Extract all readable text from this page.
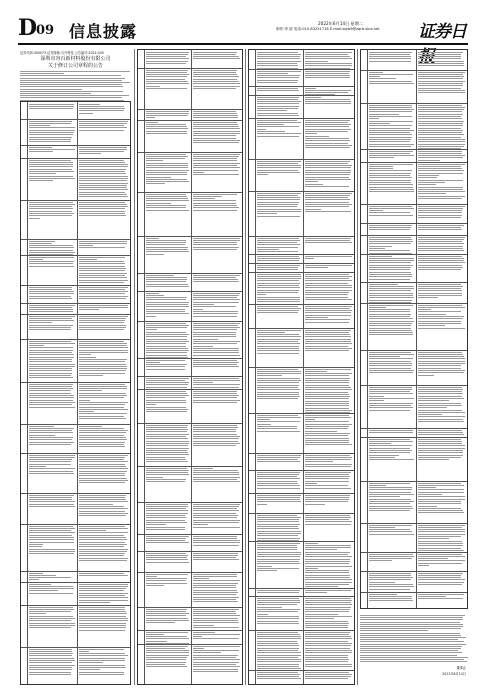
D 09 信息披露	2022年6月14日 星期二
制作:李 波 电话:010-83251716 E-mail:zqrb9@zqrb.sina.net 证券日报
证券代码:300073 证券简称:当升科技 公告编号:2022-045
深圳市容百新材料股份有限公司
关于修订公司章程的公告
董事会
2022年6月14日
